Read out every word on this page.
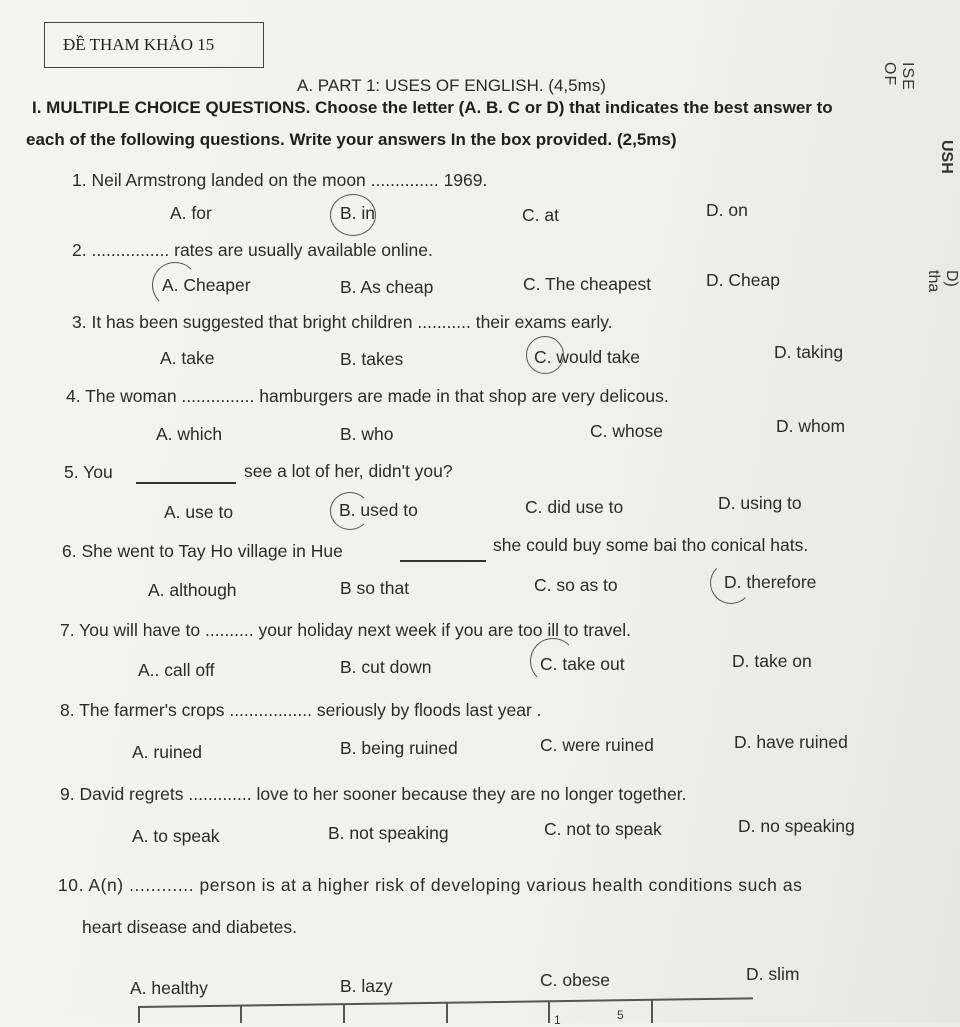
ĐỀ THAM KHẢO 15
A. PART 1: USES OF ENGLISH. (4,5ms)
I. MULTIPLE CHOICE QUESTIONS. Choose the letter (A. B. C or D) that indicates the best answer to
each of the following questions. Write your answers In the box provided. (2,5ms)
1. Neil Armstrong landed on the moon .............. 1969.
A. for	B. in	C. at	D. on
2. ................ rates are usually available online.
A. Cheaper	B. As cheap	C. The cheapest	D. Cheap
3. It has been suggested that bright children ........... their exams early.
A. take	B. takes	C. would take	D. taking
4. The woman ............... hamburgers are made in that shop are very delicous.
A. which	B. who	C. whose	D. whom
5. You	see a lot of her, didn't you?
A. use to	B. used to	C. did use to	D. using to
6. She went to Tay Ho village in Hue	she could buy some bai tho conical hats.
A. although	B so that	C. so as to	D. therefore
7. You will have to .......... your holiday next week if you are too ill to travel.
A.. call off	B. cut down	C. take out	D. take on
8. The farmer's crops ................. seriously by floods last year .
A. ruined	B. being ruined	C. were ruined	D. have ruined
9. David regrets ............. love to her sooner because they are no longer together.
A. to speak	B. not speaking	C. not to speak	D. no speaking
10. A(n) ............ person is at a higher risk of developing various health conditions such as
heart disease and diabetes.
A. healthy	B. lazy	C. obese	D. slim
1	5
ISE OF
USH
D) tha
